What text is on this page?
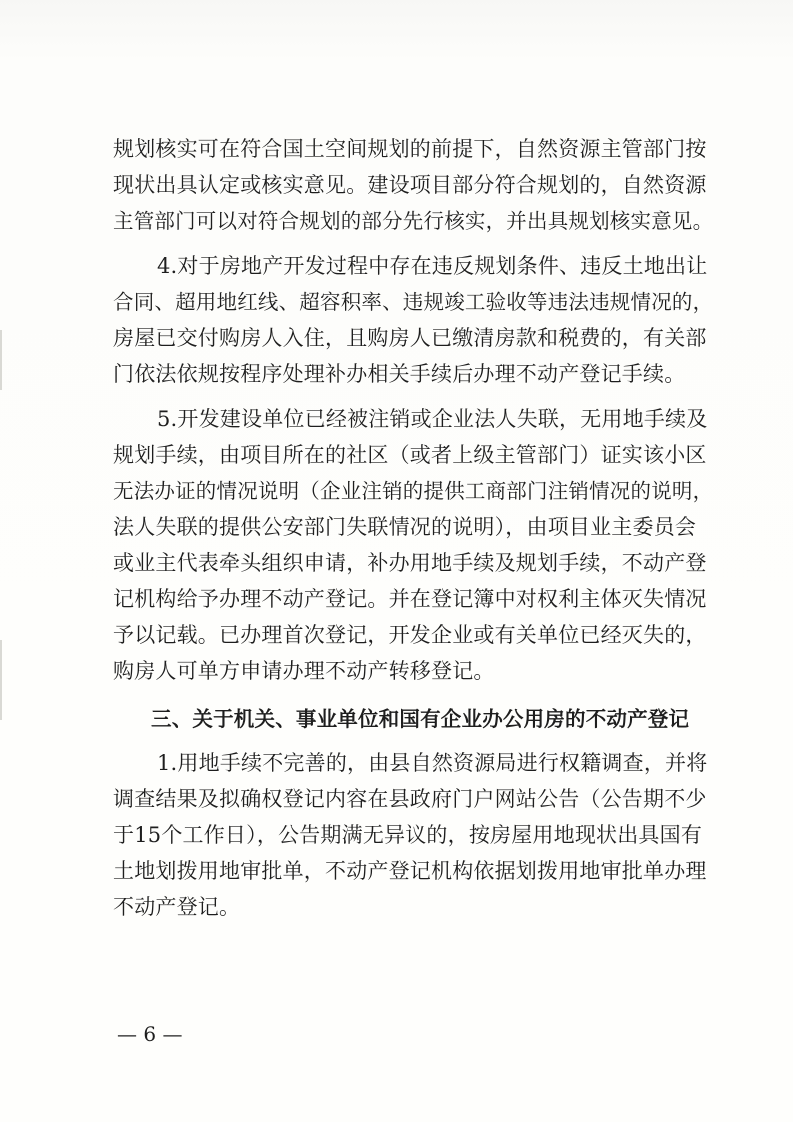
规划核实可在符合国土空间规划的前提下，自然资源主管部门按
现状出具认定或核实意见。建设项目部分符合规划的，自然资源
主管部门可以对符合规划的部分先行核实，并出具规划核实意见。
4.对于房地产开发过程中存在违反规划条件、违反土地出让
合同、超用地红线、超容积率、违规竣工验收等违法违规情况的，
房屋已交付购房人入住，且购房人已缴清房款和税费的，有关部
门依法依规按程序处理补办相关手续后办理不动产登记手续。
5.开发建设单位已经被注销或企业法人失联，无用地手续及
规划手续，由项目所在的社区（或者上级主管部门）证实该小区
无法办证的情况说明（企业注销的提供工商部门注销情况的说明，
法人失联的提供公安部门失联情况的说明），由项目业主委员会
或业主代表牵头组织申请，补办用地手续及规划手续，不动产登
记机构给予办理不动产登记。并在登记簿中对权利主体灭失情况
予以记载。已办理首次登记，开发企业或有关单位已经灭失的，
购房人可单方申请办理不动产转移登记。
三、关于机关、事业单位和国有企业办公用房的不动产登记
1.用地手续不完善的，由县自然资源局进行权籍调查，并将
调查结果及拟确权登记内容在县政府门户网站公告（公告期不少
于15个工作日），公告期满无异议的，按房屋用地现状出具国有
土地划拨用地审批单，不动产登记机构依据划拨用地审批单办理
不动产登记。
— 6 —
